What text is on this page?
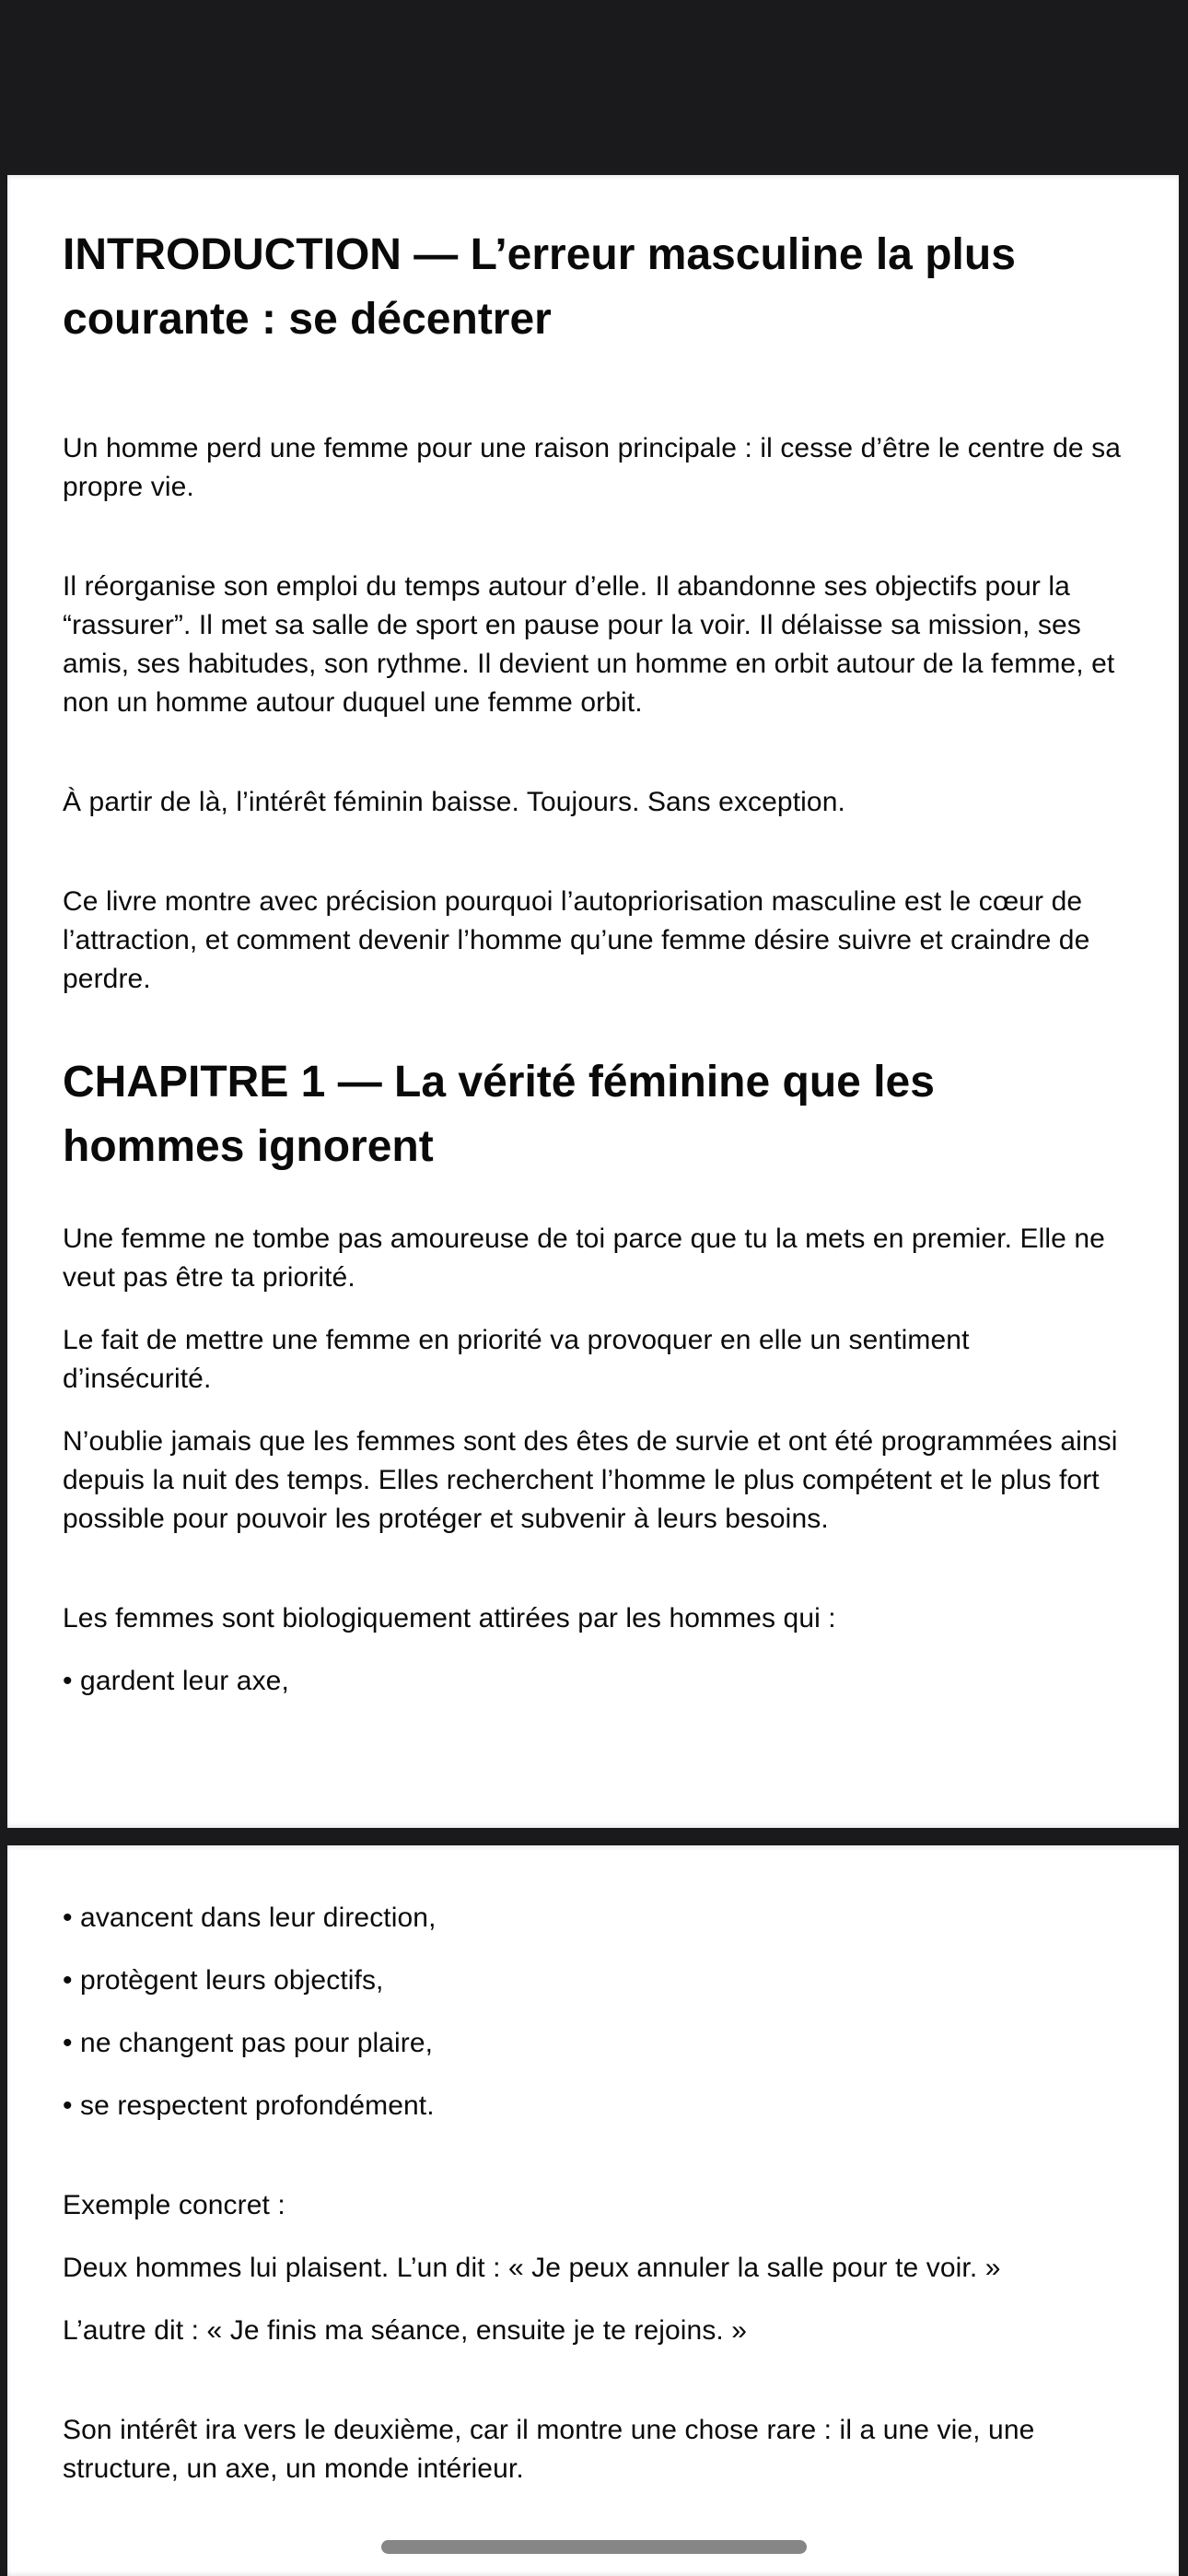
INTRODUCTION — L’erreur masculine la plus courante : se décentrer

Un homme perd une femme pour une raison principale : il cesse d’être le centre de sa propre vie.

Il réorganise son emploi du temps autour d’elle. Il abandonne ses objectifs pour la “rassurer”. Il met sa salle de sport en pause pour la voir. Il délaisse sa mission, ses amis, ses habitudes, son rythme. Il devient un homme en orbit autour de la femme, et non un homme autour duquel une femme orbit.

À partir de là, l’intérêt féminin baisse. Toujours. Sans exception.

Ce livre montre avec précision pourquoi l’autopriorisation masculine est le cœur de l’attraction, et comment devenir l’homme qu’une femme désire suivre et craindre de perdre.

CHAPITRE 1 — La vérité féminine que les hommes ignorent

Une femme ne tombe pas amoureuse de toi parce que tu la mets en premier. Elle ne veut pas être ta priorité.

Le fait de mettre une femme en priorité va provoquer en elle un sentiment d’insécurité.

N’oublie jamais que les femmes sont des êtes de survie et ont été programmées ainsi depuis la nuit des temps. Elles recherchent l’homme le plus compétent et le plus fort possible pour pouvoir les protéger et subvenir à leurs besoins.

Les femmes sont biologiquement attirées par les hommes qui :

• gardent leur axe,

• avancent dans leur direction,

• protègent leurs objectifs,

• ne changent pas pour plaire,

• se respectent profondément.

Exemple concret :

Deux hommes lui plaisent. L’un dit : « Je peux annuler la salle pour te voir. »

L’autre dit : « Je finis ma séance, ensuite je te rejoins. »

Son intérêt ira vers le deuxième, car il montre une chose rare : il a une vie, une structure, un axe, un monde intérieur.
